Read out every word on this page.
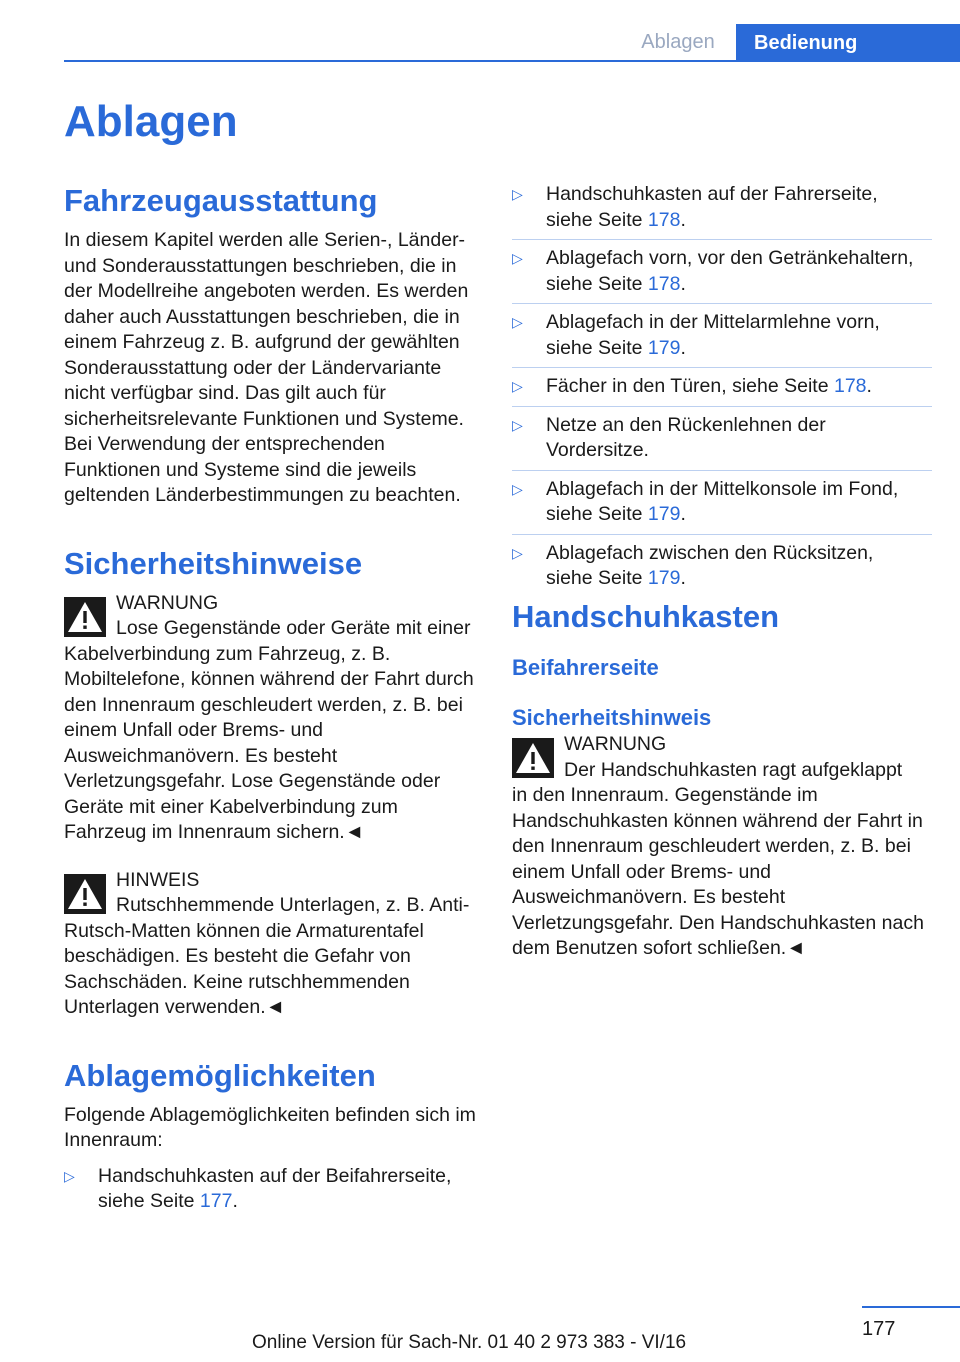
Ablagen	Bedienung
Ablagen
Fahrzeugausstattung

In diesem Kapitel werden alle Serien-, Länder- und Sonderausstattungen beschrieben, die in der Modellreihe angeboten werden. Es werden daher auch Ausstattungen beschrieben, die in einem Fahrzeug z. B. aufgrund der gewählten Sonderausstattung oder der Ländervariante nicht verfügbar sind. Das gilt auch für sicherheitsrelevante Funktionen und Systeme. Bei Verwendung der entsprechenden Funktionen und Systeme sind die jeweils geltenden Länderbestimmungen zu beachten.

Sicherheitshinweise
WARNUNG
Lose Gegenstände oder Geräte mit einer

Kabelverbindung zum Fahrzeug, z. B. Mobiltelefone, können während der Fahrt durch den Innenraum geschleudert werden, z. B. bei einem Unfall oder Brems- und Ausweichmanövern. Es besteht Verletzungsgefahr. Lose Gegenstände oder Geräte mit einer Kabelverbindung zum Fahrzeug im Innenraum sichern.◄

HINWEIS
Rutschhemmende Unterlagen, z. B. Anti-

Rutsch-Matten können die Armaturentafel beschädigen. Es besteht die Gefahr von Sachschäden. Keine rutschhemmenden Unterlagen verwenden.◄

Ablagemöglichkeiten

Folgende Ablagemöglichkeiten befinden sich im Innenraum:

▷ Handschuhkasten auf der Beifahrerseite,
siehe Seite 177.
▷ Handschuhkasten auf der Fahrerseite,
siehe Seite 178.
▷ Ablagefach vorn, vor den Getränkehaltern,
siehe Seite 178.
▷ Ablagefach in der Mittelarmlehne vorn,
siehe Seite 179.
▷ Fächer in den Türen, siehe Seite 178.
▷ Netze an den Rückenlehnen der Vordersitze.
▷ Ablagefach in der Mittelkonsole im Fond,
siehe Seite 179.
▷ Ablagefach zwischen den Rücksitzen,
siehe Seite 179.
Handschuhkasten
Beifahrerseite
Sicherheitshinweis
WARNUNG
Der Handschuhkasten ragt aufgeklappt

in den Innenraum. Gegenstände im Handschuhkasten können während der Fahrt in den Innenraum geschleudert werden, z. B. bei einem Unfall oder Brems- und Ausweichmanövern. Es besteht Verletzungsgefahr. Den Handschuhkasten nach dem Benutzen sofort schließen.◄

177
Online Version für Sach-Nr. 01 40 2 973 383 - VI/16
